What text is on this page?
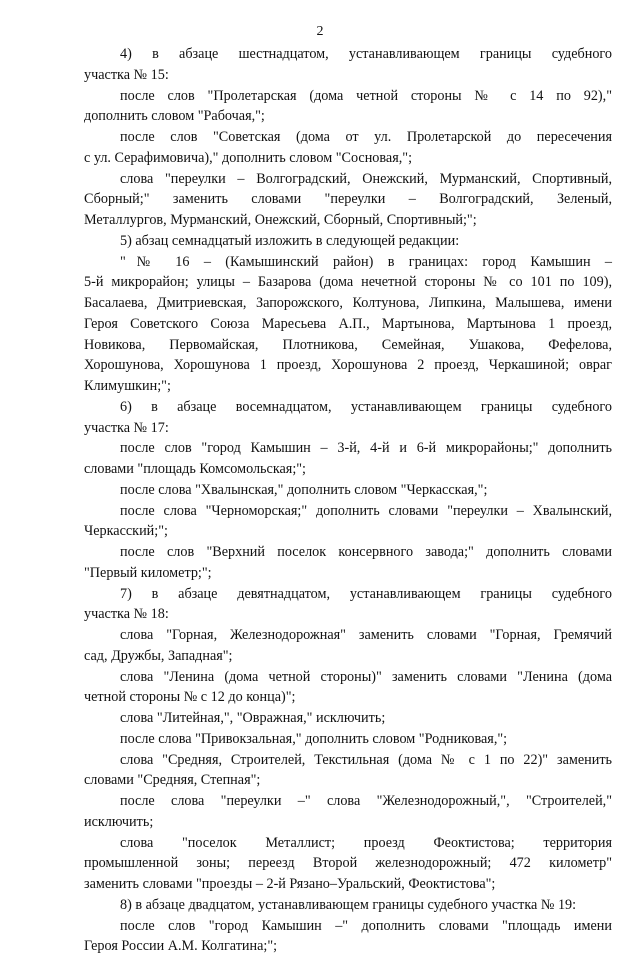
2
4) в абзаце шестнадцатом, устанавливающем границы судебного
участка № 15:
после слов "Пролетарская (дома четной стороны № с 14 по 92),"
дополнить словом "Рабочая,";
после слов "Советская (дома от ул. Пролетарской до пересечения
с ул. Серафимовича)," дополнить словом "Сосновая,";
слова "переулки – Волгоградский, Онежский, Мурманский, Спортивный,
Сборный;" заменить словами "переулки – Волгоградский, Зеленый,
Металлургов, Мурманский, Онежский, Сборный, Спортивный;";
5) абзац семнадцатый изложить в следующей редакции:
"№ 16 – (Камышинский район) в границах: город Камышин –
5-й микрорайон; улицы – Базарова (дома нечетной стороны № со 101 по 109),
Басалаева, Дмитриевская, Запорожского, Колтунова, Липкина, Малышева, имени
Героя Советского Союза Маресьева А.П., Мартынова, Мартынова 1 проезд,
Новикова, Первомайская, Плотникова, Семейная, Ушакова, Фефелова,
Хорошунова, Хорошунова 1 проезд, Хорошунова 2 проезд, Черкашиной; овраг
Климушкин;";
6) в абзаце восемнадцатом, устанавливающем границы судебного
участка № 17:
после слов "город Камышин – 3-й, 4-й и 6-й микрорайоны;" дополнить
словами "площадь Комсомольская;";
после слова "Хвалынская," дополнить словом "Черкасская,";
после слова "Черноморская;" дополнить словами "переулки – Хвалынский,
Черкасский;";
после слов "Верхний поселок консервного завода;" дополнить словами
"Первый километр;";
7) в абзаце девятнадцатом, устанавливающем границы судебного
участка № 18:
слова "Горная, Железнодорожная" заменить словами "Горная, Гремячий
сад, Дружбы, Западная";
слова "Ленина (дома четной стороны)" заменить словами "Ленина (дома
четной стороны № с 12 до конца)";
слова "Литейная,", "Овражная," исключить;
после слова "Привокзальная," дополнить словом "Родниковая,";
слова "Средняя, Строителей, Текстильная (дома № с 1 по 22)" заменить
словами "Средняя, Степная";
после слова "переулки –" слова "Железнодорожный,", "Строителей,"
исключить;
слова "поселок Металлист; проезд Феоктистова; территория
промышленной зоны; переезд Второй железнодорожный; 472 километр"
заменить словами "проезды – 2-й Рязано–Уральский, Феоктистова";
8) в абзаце двадцатом, устанавливающем границы судебного участка № 19:
после слов "город Камышин –" дополнить словами "площадь имени
Героя России А.М. Колгатина;";
